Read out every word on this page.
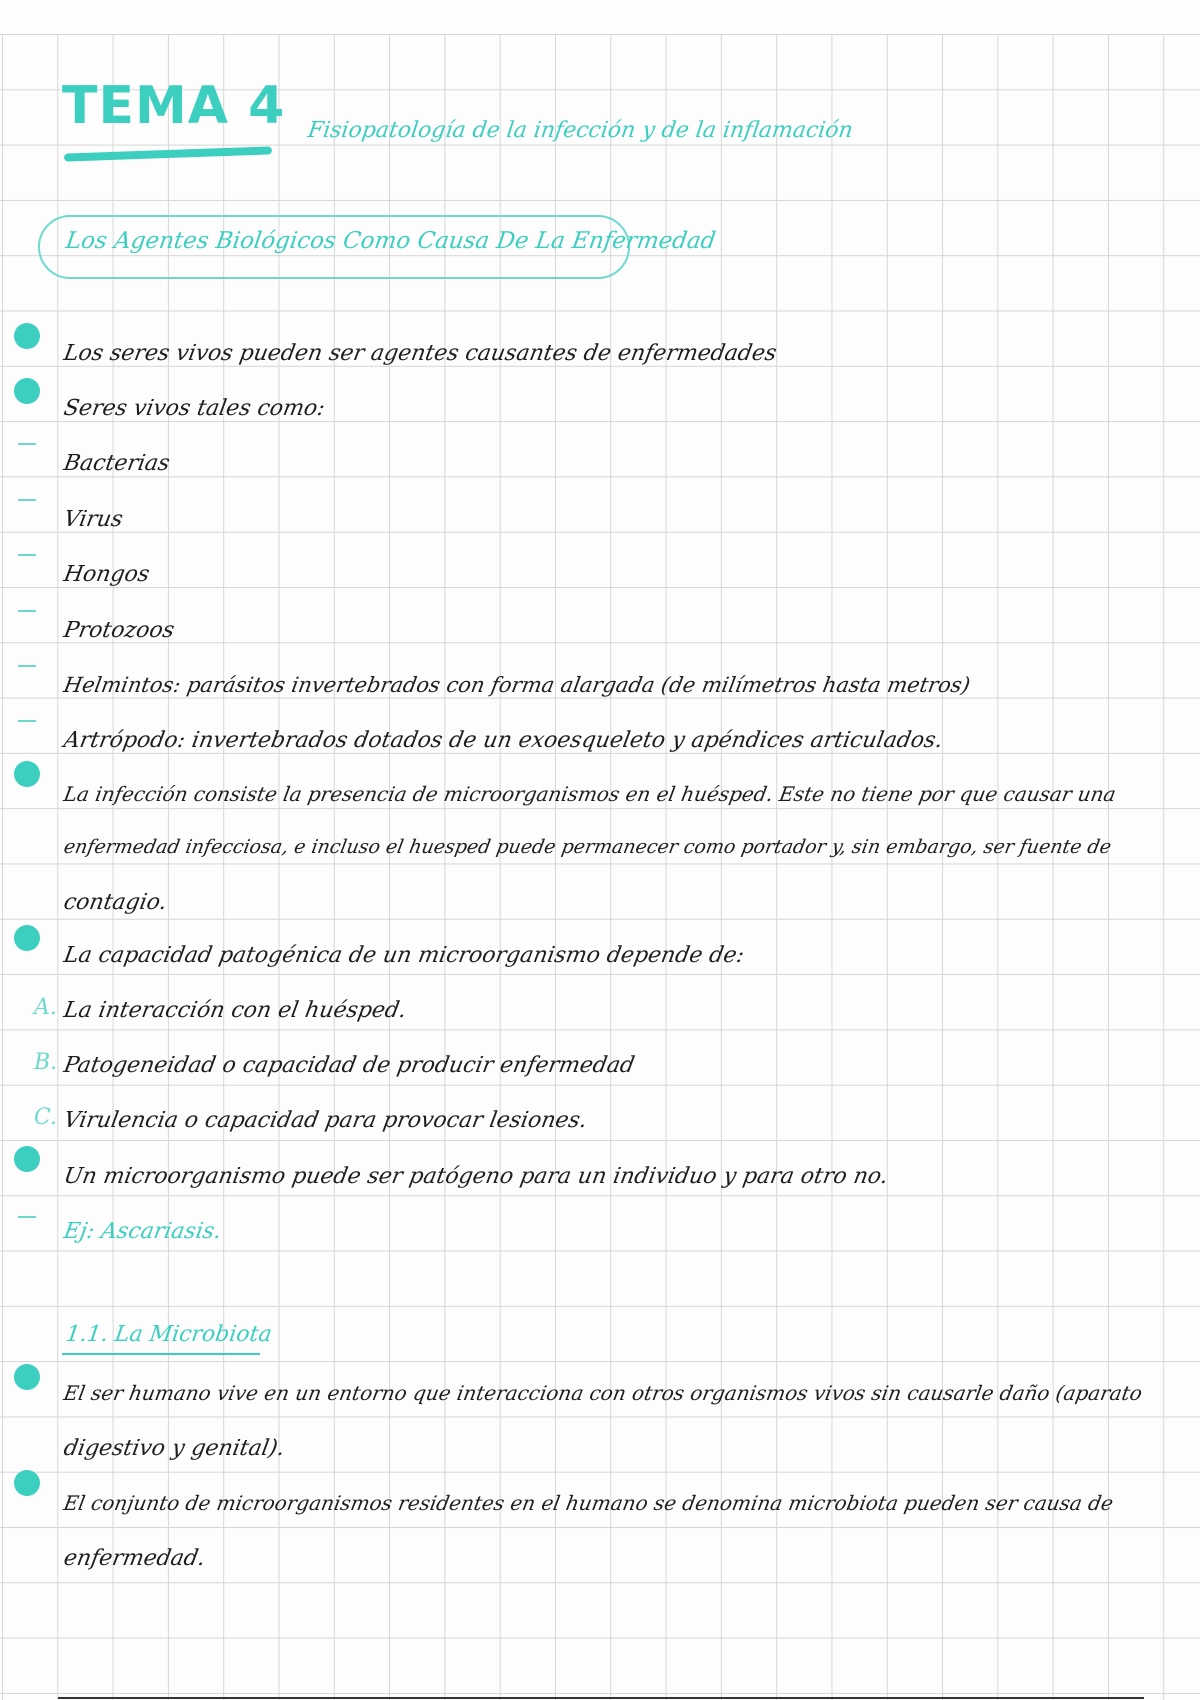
TEMA 4 Fisiopatología de la infección y de la inflamación
Los Agentes Biológicos Como Causa De La Enfermedad
A.
B.
C.
Los seres vivos pueden ser agentes causantes de enfermedades
Seres vivos tales como:
Bacterias
Virus
Hongos
Protozoos
Helmintos: parásitos invertebrados con forma alargada (de milímetros hasta metros)
Artrópodo: invertebrados dotados de un exoesqueleto y apéndices articulados.
La infección consiste la presencia de microorganismos en el huésped. Este no tiene por que causar una
enfermedad infecciosa, e incluso el huesped puede permanecer como portador y, sin embargo, ser fuente de
contagio.
La capacidad patogénica de un microorganismo depende de:
La interacción con el huésped.
Patogeneidad o capacidad de producir enfermedad
Virulencia o capacidad para provocar lesiones.
Un microorganismo puede ser patógeno para un individuo y para otro no.
Ej: Ascariasis.
1.1. La Microbiota
El ser humano vive en un entorno que interacciona con otros organismos vivos sin causarle daño (aparato
digestivo y genital).
El conjunto de microorganismos residentes en el humano se denomina microbiota pueden ser causa de
enfermedad.
